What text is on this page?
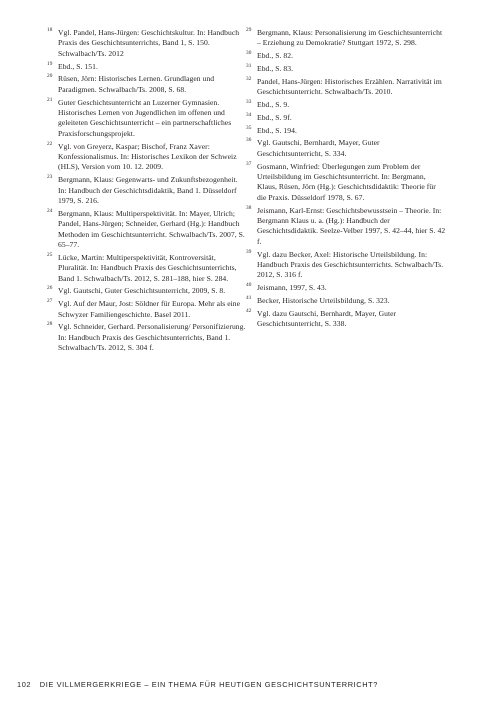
18 Vgl. Pandel, Hans-Jürgen: Geschichtskultur. In: Handbuch Praxis des Geschichtsunterrichts, Band 1, S. 150. Schwalbach/Ts. 2012
19 Ebd., S. 151.
20 Rüsen, Jörn: Historisches Lernen. Grundlagen und Paradigmen. Schwalbach/Ts. 2008, S. 68.
21 Guter Geschichtsunterricht an Luzerner Gymnasien. Historisches Lernen von Jugendlichen im offenen und geleiteten Geschichtsunterricht – ein partnerschaftliches Praxisforschungsprojekt.
22 Vgl. von Greyerz, Kaspar; Bischof, Franz Xaver: Konfessionalismus. In: Historisches Lexikon der Schweiz (HLS), Version vom 10. 12. 2009.
23 Bergmann, Klaus: Gegenwarts- und Zukunftsbezogenheit. In: Handbuch der Geschichtsdidaktik, Band 1. Düsseldorf 1979, S. 216.
24 Bergmann, Klaus: Multiperspektivität. In: Mayer, Ulrich; Pandel, Hans-Jürgen; Schneider, Gerhard (Hg.): Handbuch Methoden im Geschichtsunterricht. Schwalbach/Ts. 2007, S. 65–77.
25 Lücke, Martin: Multiperspektivität, Kontroversität, Pluralität. In: Handbuch Praxis des Geschichtsunterrichts, Band 1. Schwalbach/Ts. 2012, S. 281–188, hier S. 284.
26 Vgl. Gautschi, Guter Geschichtsunterricht, 2009, S. 8.
27 Vgl. Auf der Maur, Jost: Söldner für Europa. Mehr als eine Schwyzer Familiengeschichte. Basel 2011.
28 Vgl. Schneider, Gerhard. Personalisierung/ Personifizierung. In: Handbuch Praxis des Geschichtsunterrichts, Band 1. Schwalbach/Ts. 2012, S. 304 f.
29 Bergmann, Klaus: Personalisierung im Geschichtsunterricht – Erziehung zu Demokratie? Stuttgart 1972, S. 298.
30 Ebd., S. 82.
31 Ebd., S. 83.
32 Pandel, Hans-Jürgen: Historisches Erzählen. Narrativität im Geschichtsunterricht. Schwalbach/Ts. 2010.
33 Ebd., S. 9.
34 Ebd., S. 9f.
35 Ebd., S. 194.
36 Vgl. Gautschi, Bernhardt, Mayer, Guter Geschichtsunterricht, S. 334.
37 Gosmann, Winfried: Überlegungen zum Problem der Urteilsbildung im Geschichtsunterricht. In: Bergmann, Klaus, Rüsen, Jörn (Hg.): Geschichtsdidaktik: Theorie für die Praxis. Düsseldorf 1978, S. 67.
38 Jeismann, Karl-Ernst: Geschichtsbewusstsein – Theorie. In: Bergmann Klaus u. a. (Hg.): Handbuch der Geschichtsdidaktik. Seelze-Velber 1997, S. 42–44, hier S. 42 f.
39 Vgl. dazu Becker, Axel: Historische Urteilsbildung. In: Handbuch Praxis des Geschichtsunterrichts. Schwalbach/Ts. 2012, S. 316 f.
40 Jeismann, 1997, S. 43.
41 Becker, Historische Urteilsbildung, S. 323.
42 Vgl. dazu Gautschi, Bernhardt, Mayer, Guter Geschichtsunterricht, S. 338.
102 DIE VILLMERGERKRIEGE – EIN THEMA FÜR HEUTIGEN GESCHICHTSUNTERRICHT?
